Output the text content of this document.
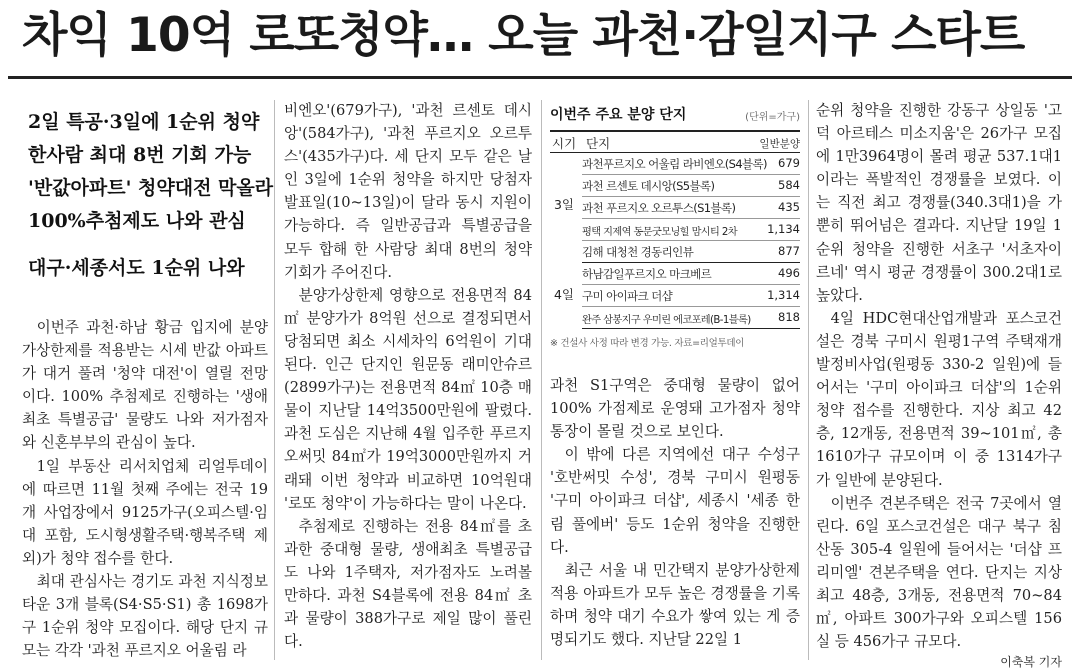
차익 10억 로또청약… 오늘 과천·감일지구 스타트
2일 특공·3일에 1순위 청약
한사람 최대 8번 기회 가능
'반값아파트' 청약대전 막올라
100%추첨제도 나와 관심
대구·세종서도 1순위 나와

이번주 과천·하남 황금 입지에 분양가상한제를 적용받는 시세 반값 아파트가 대거 풀려 '청약 대전'이 열릴 전망이다. 100% 추첨제로 진행하는 '생애최초 특별공급' 물량도 나와 저가점자와 신혼부부의 관심이 높다.

1일 부동산 리서치업체 리얼투데이에 따르면 11월 첫째 주에는 전국 19개 사업장에서 9125가구(오피스텔·임대 포함, 도시형생활주택·행복주택 제외)가 청약 접수를 한다.

최대 관심사는 경기도 과천 지식정보타운 3개 블록(S4·S5·S1) 총 1698가구 1순위 청약 모집이다. 해당 단지 규모는 각각 '과천 푸르지오 어울림 라

비엔오'(679가구), '과천 르센토 데시앙'(584가구), '과천 푸르지오 오르투스'(435가구)다. 세 단지 모두 같은 날인 3일에 1순위 청약을 하지만 당첨자 발표일(10~13일)이 달라 동시 지원이 가능하다. 즉 일반공급과 특별공급을 모두 합해 한 사람당 최대 8번의 청약 기회가 주어진다.

분양가상한제 영향으로 전용면적 84㎡ 분양가가 8억원 선으로 결정되면서 당첨되면 최소 시세차익 6억원이 기대된다. 인근 단지인 원문동 래미안슈르(2899가구)는 전용면적 84㎡ 10층 매물이 지난달 14억3500만원에 팔렸다. 과천 도심은 지난해 4월 입주한 푸르지오써밋 84㎡가 19억3000만원까지 거래돼 이번 청약과 비교하면 10억원대 '로또 청약'이 가능하다는 말이 나온다.

추첨제로 진행하는 전용 84㎡를 초과한 중대형 물량, 생애최초 특별공급도 나와 1주택자, 저가점자도 노려볼 만하다. 과천 S4블록에 전용 84㎡ 초과 물량이 388가구로 제일 많이 풀린다.

이번주 주요 분양 단지	(단위=가구)
시기 단지	일반분양
3일
과천푸르지오 어울림 라비엔오(S4블록) 679
과천 르센토 데시앙(S5블록)	584
과천 푸르지오 오르투스(S1블록)	435
평택 지제역 동문굿모닝힐 맘시티 2차	1,134
김해 대청천 경동리인뷰	877
4일
하남감일푸르지오 마크베르	496
구미 아이파크 더샵	1,314
완주 삼봉지구 우미린 에코포레(B-1블록) 818
※ 건설사 사정 따라 변경 가능. 자료=리얼투데이

과천 S1구역은 중대형 물량이 없어 100% 가점제로 운영돼 고가점자 청약 통장이 몰릴 것으로 보인다.

이 밖에 다른 지역에선 대구 수성구 '호반써밋 수성', 경북 구미시 원평동 '구미 아이파크 더샵', 세종시 '세종 한림 풀에버' 등도 1순위 청약을 진행한다.

최근 서울 내 민간택지 분양가상한제 적용 아파트가 모두 높은 경쟁률을 기록하며 청약 대기 수요가 쌓여 있는 게 증명되기도 했다. 지난달 22일 1

순위 청약을 진행한 강동구 상일동 '고덕 아르테스 미소지움'은 26가구 모집에 1만3964명이 몰려 평균 537.1대1이라는 폭발적인 경쟁률을 보였다. 이는 직전 최고 경쟁률(340.3대1)을 가뿐히 뛰어넘은 결과다. 지난달 19일 1순위 청약을 진행한 서초구 '서초자이르네' 역시 평균 경쟁률이 300.2대1로 높았다.

4일 HDC현대산업개발과 포스코건설은 경북 구미시 원평1구역 주택재개발정비사업(원평동 330-2 일원)에 들어서는 '구미 아이파크 더샵'의 1순위 청약 접수를 진행한다. 지상 최고 42층, 12개동, 전용면적 39~101㎡, 총 1610가구 규모이며 이 중 1314가구가 일반에 분양된다.

이번주 견본주택은 전국 7곳에서 열린다. 6일 포스코건설은 대구 북구 침산동 305-4 일원에 들어서는 '더샵 프리미엘' 견본주택을 연다. 단지는 지상 최고 48층, 3개동, 전용면적 70~84㎡, 아파트 300가구와 오피스텔 156실 등 456가구 규모다.

이축복 기자
